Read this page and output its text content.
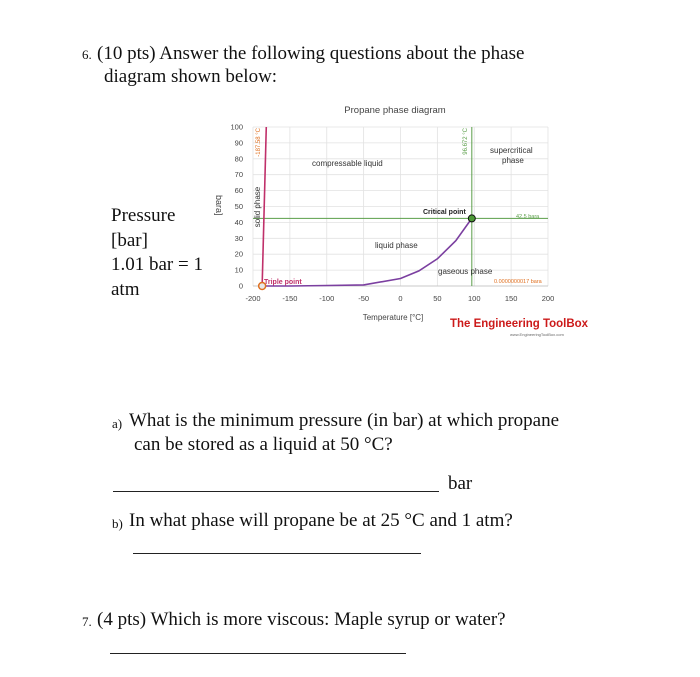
6. (10 pts) Answer the following questions about the phase
diagram shown below:
Pressure
[bar]
1.01 bar = 1
atm
Propane phase diagram
0
10
20
30
40
50
60
70
80
90
100
-200	-150	-100	-50	0	50	100	150	200
bara]
Temperature [°C]
-187.58 °C	96.672 °C
solid phase
compressable liquid
liquid phase
gaseous phase
supercritical
phase
Critical point
Triple point
42.5 bara
0.0000000017 bara
The Engineering ToolBox
www.EngineeringToolBox.com
a) What is the minimum pressure (in bar) at which propane
can be stored as a liquid at 50 °C?
bar
b) In what phase will propane be at 25 °C and 1 atm?
7. (4 pts) Which is more viscous: Maple syrup or water?
